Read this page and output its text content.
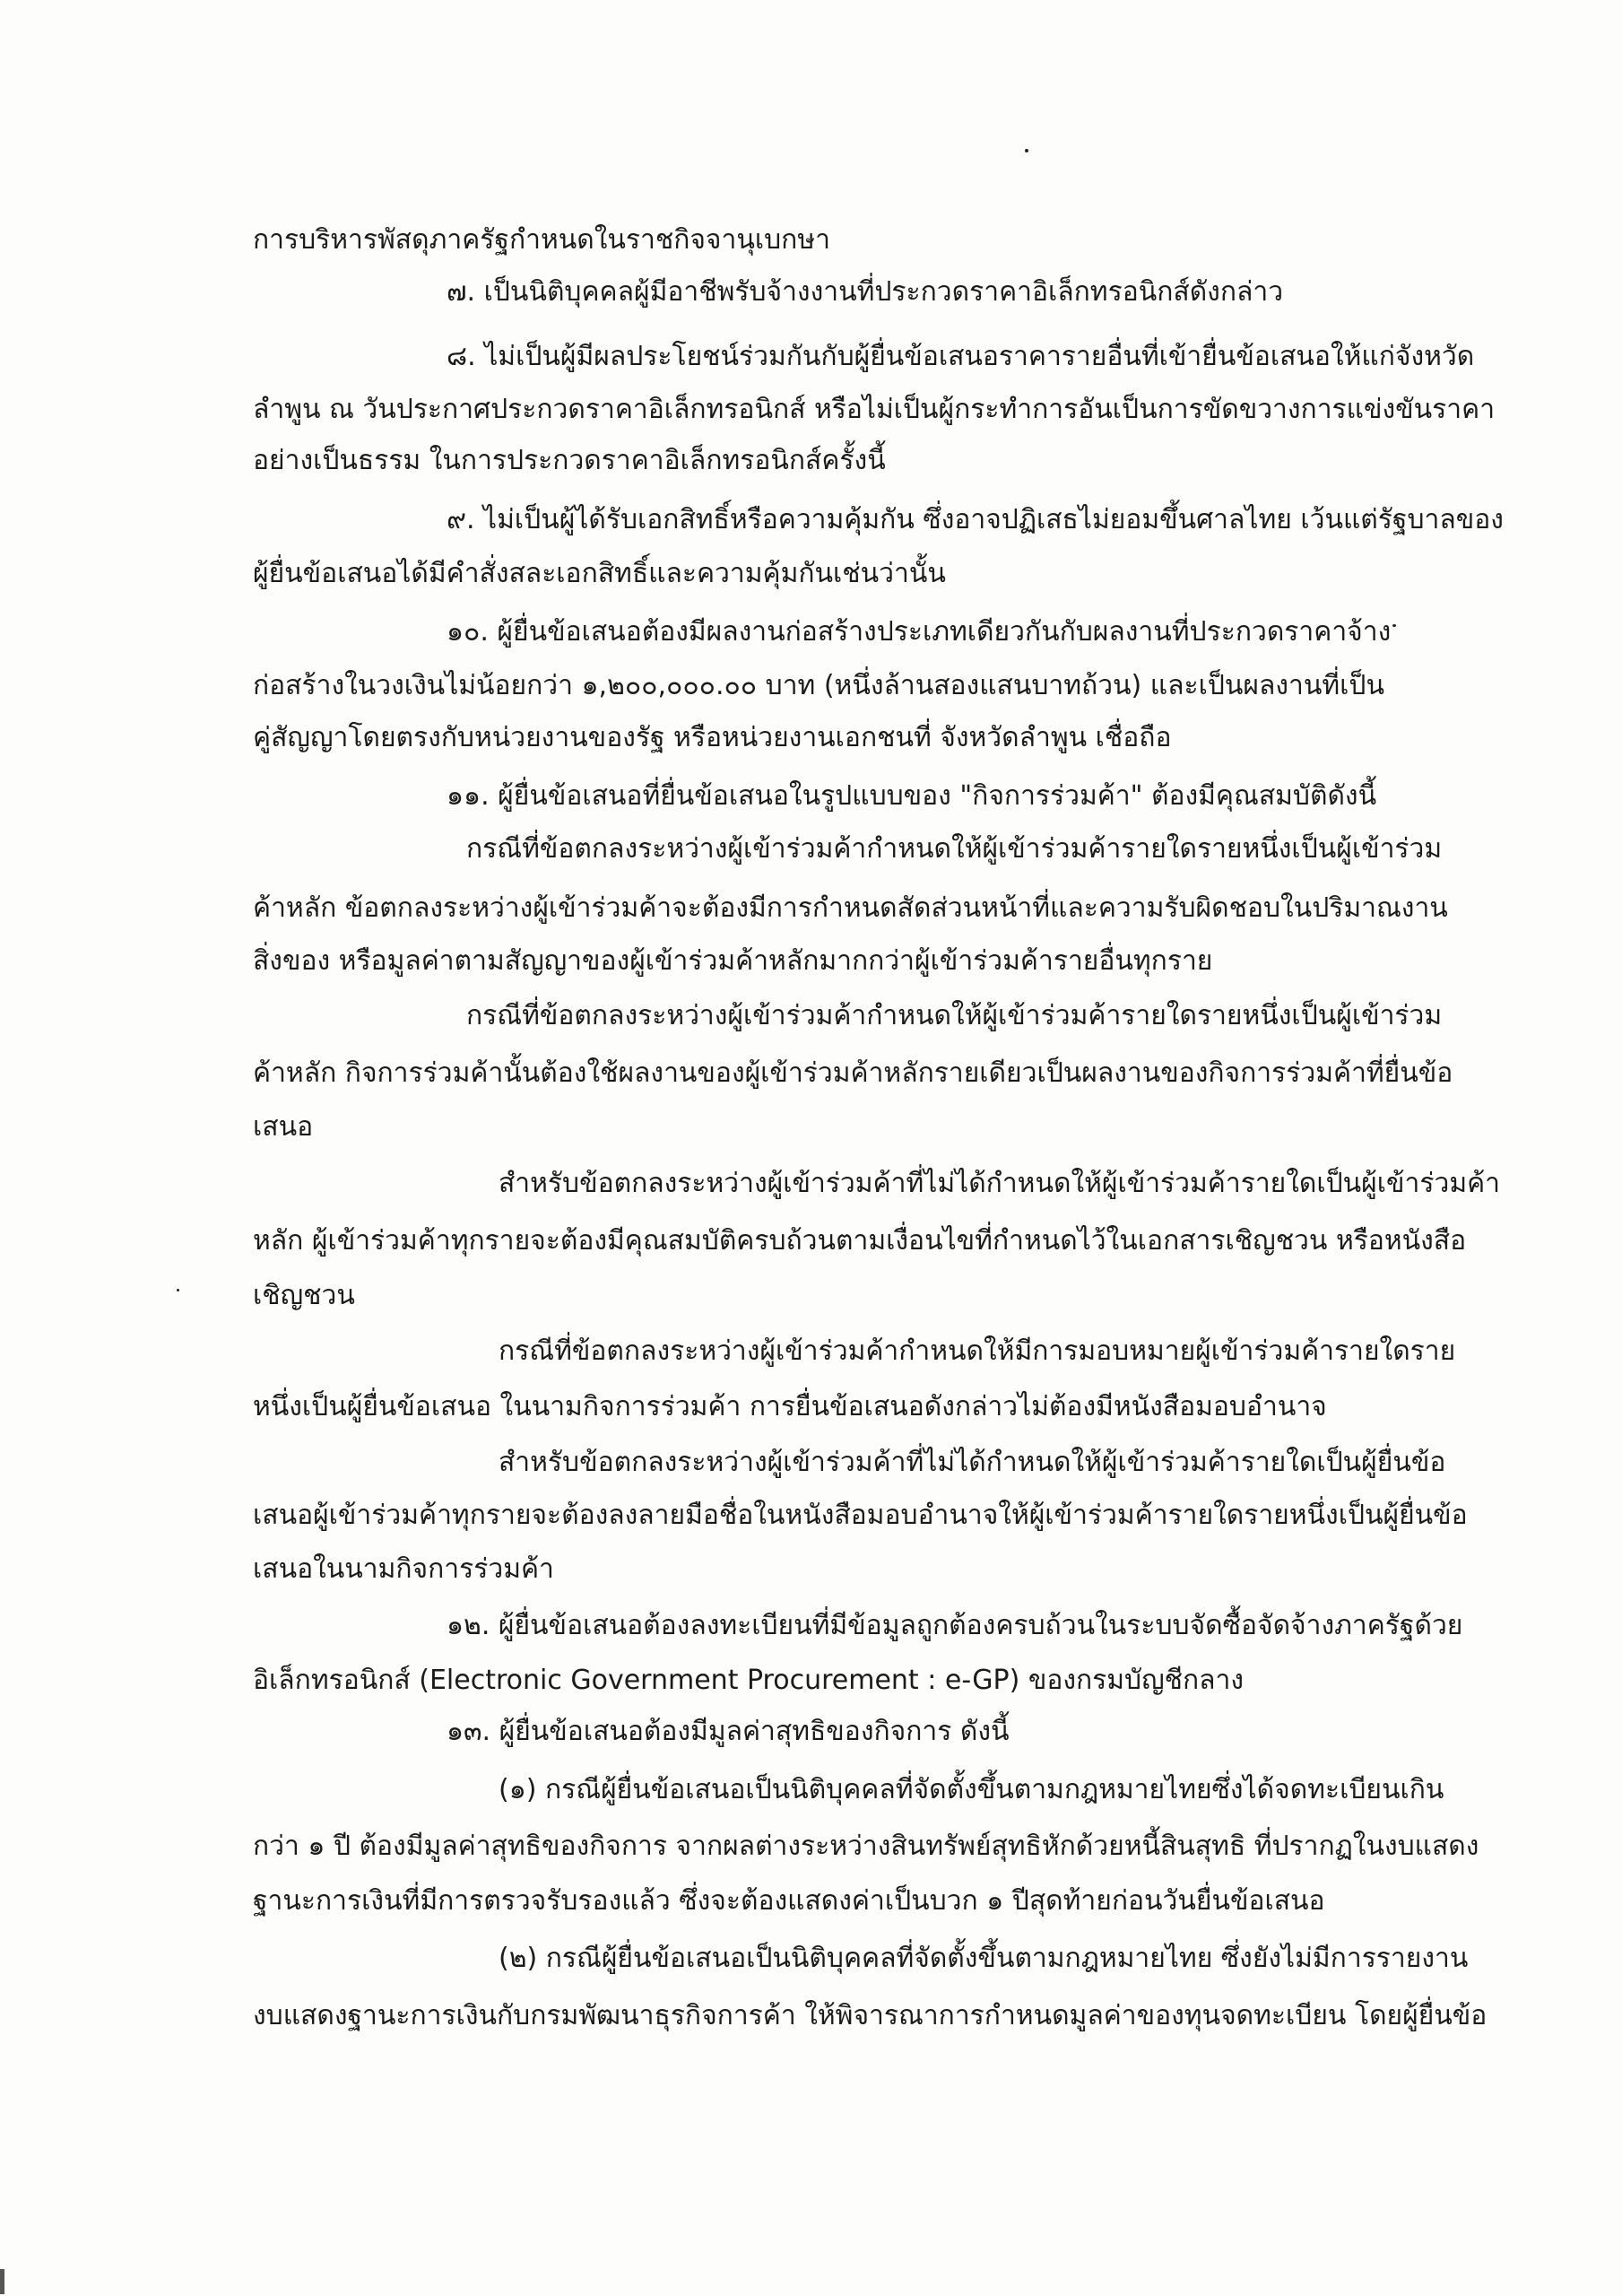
การบริหารพัสดุภาครัฐกำหนดในราชกิจจานุเบกษา
๗. เป็นนิติบุคคลผู้มีอาชีพรับจ้างงานที่ประกวดราคาอิเล็กทรอนิกส์ดังกล่าว
๘. ไม่เป็นผู้มีผลประโยชน์ร่วมกันกับผู้ยื่นข้อเสนอราคารายอื่นที่เข้ายื่นข้อเสนอให้แก่จังหวัด
ลำพูน ณ วันประกาศประกวดราคาอิเล็กทรอนิกส์ หรือไม่เป็นผู้กระทำการอันเป็นการขัดขวางการแข่งขันราคา
อย่างเป็นธรรม ในการประกวดราคาอิเล็กทรอนิกส์ครั้งนี้
๙. ไม่เป็นผู้ได้รับเอกสิทธิ์หรือความคุ้มกัน ซึ่งอาจปฏิเสธไม่ยอมขึ้นศาลไทย เว้นแต่รัฐบาลของ
ผู้ยื่นข้อเสนอได้มีคำสั่งสละเอกสิทธิ์และความคุ้มกันเช่นว่านั้น
๑๐. ผู้ยื่นข้อเสนอต้องมีผลงานก่อสร้างประเภทเดียวกันกับผลงานที่ประกวดราคาจ้าง
ก่อสร้างในวงเงินไม่น้อยกว่า ๑,๒๐๐,๐๐๐.๐๐ บาท (หนึ่งล้านสองแสนบาทถ้วน) และเป็นผลงานที่เป็น
คู่สัญญาโดยตรงกับหน่วยงานของรัฐ หรือหน่วยงานเอกชนที่ จังหวัดลำพูน เชื่อถือ
๑๑. ผู้ยื่นข้อเสนอที่ยื่นข้อเสนอในรูปแบบของ "กิจการร่วมค้า" ต้องมีคุณสมบัติดังนี้
กรณีที่ข้อตกลงระหว่างผู้เข้าร่วมค้ากำหนดให้ผู้เข้าร่วมค้ารายใดรายหนึ่งเป็นผู้เข้าร่วม
ค้าหลัก ข้อตกลงระหว่างผู้เข้าร่วมค้าจะต้องมีการกำหนดสัดส่วนหน้าที่และความรับผิดชอบในปริมาณงาน
สิ่งของ หรือมูลค่าตามสัญญาของผู้เข้าร่วมค้าหลักมากกว่าผู้เข้าร่วมค้ารายอื่นทุกราย
กรณีที่ข้อตกลงระหว่างผู้เข้าร่วมค้ากำหนดให้ผู้เข้าร่วมค้ารายใดรายหนึ่งเป็นผู้เข้าร่วม
ค้าหลัก กิจการร่วมค้านั้นต้องใช้ผลงานของผู้เข้าร่วมค้าหลักรายเดียวเป็นผลงานของกิจการร่วมค้าที่ยื่นข้อ
เสนอ
สำหรับข้อตกลงระหว่างผู้เข้าร่วมค้าที่ไม่ได้กำหนดให้ผู้เข้าร่วมค้ารายใดเป็นผู้เข้าร่วมค้า
หลัก ผู้เข้าร่วมค้าทุกรายจะต้องมีคุณสมบัติครบถ้วนตามเงื่อนไขที่กำหนดไว้ในเอกสารเชิญชวน หรือหนังสือ
เชิญชวน
กรณีที่ข้อตกลงระหว่างผู้เข้าร่วมค้ากำหนดให้มีการมอบหมายผู้เข้าร่วมค้ารายใดราย
หนึ่งเป็นผู้ยื่นข้อเสนอ ในนามกิจการร่วมค้า การยื่นข้อเสนอดังกล่าวไม่ต้องมีหนังสือมอบอำนาจ
สำหรับข้อตกลงระหว่างผู้เข้าร่วมค้าที่ไม่ได้กำหนดให้ผู้เข้าร่วมค้ารายใดเป็นผู้ยื่นข้อ
เสนอผู้เข้าร่วมค้าทุกรายจะต้องลงลายมือชื่อในหนังสือมอบอำนาจให้ผู้เข้าร่วมค้ารายใดรายหนึ่งเป็นผู้ยื่นข้อ
เสนอในนามกิจการร่วมค้า
๑๒. ผู้ยื่นข้อเสนอต้องลงทะเบียนที่มีข้อมูลถูกต้องครบถ้วนในระบบจัดซื้อจัดจ้างภาครัฐด้วย
อิเล็กทรอนิกส์ (Electronic Government Procurement : e-GP) ของกรมบัญชีกลาง
๑๓. ผู้ยื่นข้อเสนอต้องมีมูลค่าสุทธิของกิจการ ดังนี้
(๑) กรณีผู้ยื่นข้อเสนอเป็นนิติบุคคลที่จัดตั้งขึ้นตามกฎหมายไทยซึ่งได้จดทะเบียนเกิน
กว่า ๑ ปี ต้องมีมูลค่าสุทธิของกิจการ จากผลต่างระหว่างสินทรัพย์สุทธิหักด้วยหนี้สินสุทธิ ที่ปรากฏในงบแสดง
ฐานะการเงินที่มีการตรวจรับรองแล้ว ซึ่งจะต้องแสดงค่าเป็นบวก ๑ ปีสุดท้ายก่อนวันยื่นข้อเสนอ
(๒) กรณีผู้ยื่นข้อเสนอเป็นนิติบุคคลที่จัดตั้งขึ้นตามกฎหมายไทย ซึ่งยังไม่มีการรายงาน
งบแสดงฐานะการเงินกับกรมพัฒนาธุรกิจการค้า ให้พิจารณาการกำหนดมูลค่าของทุนจดทะเบียน โดยผู้ยื่นข้อ
